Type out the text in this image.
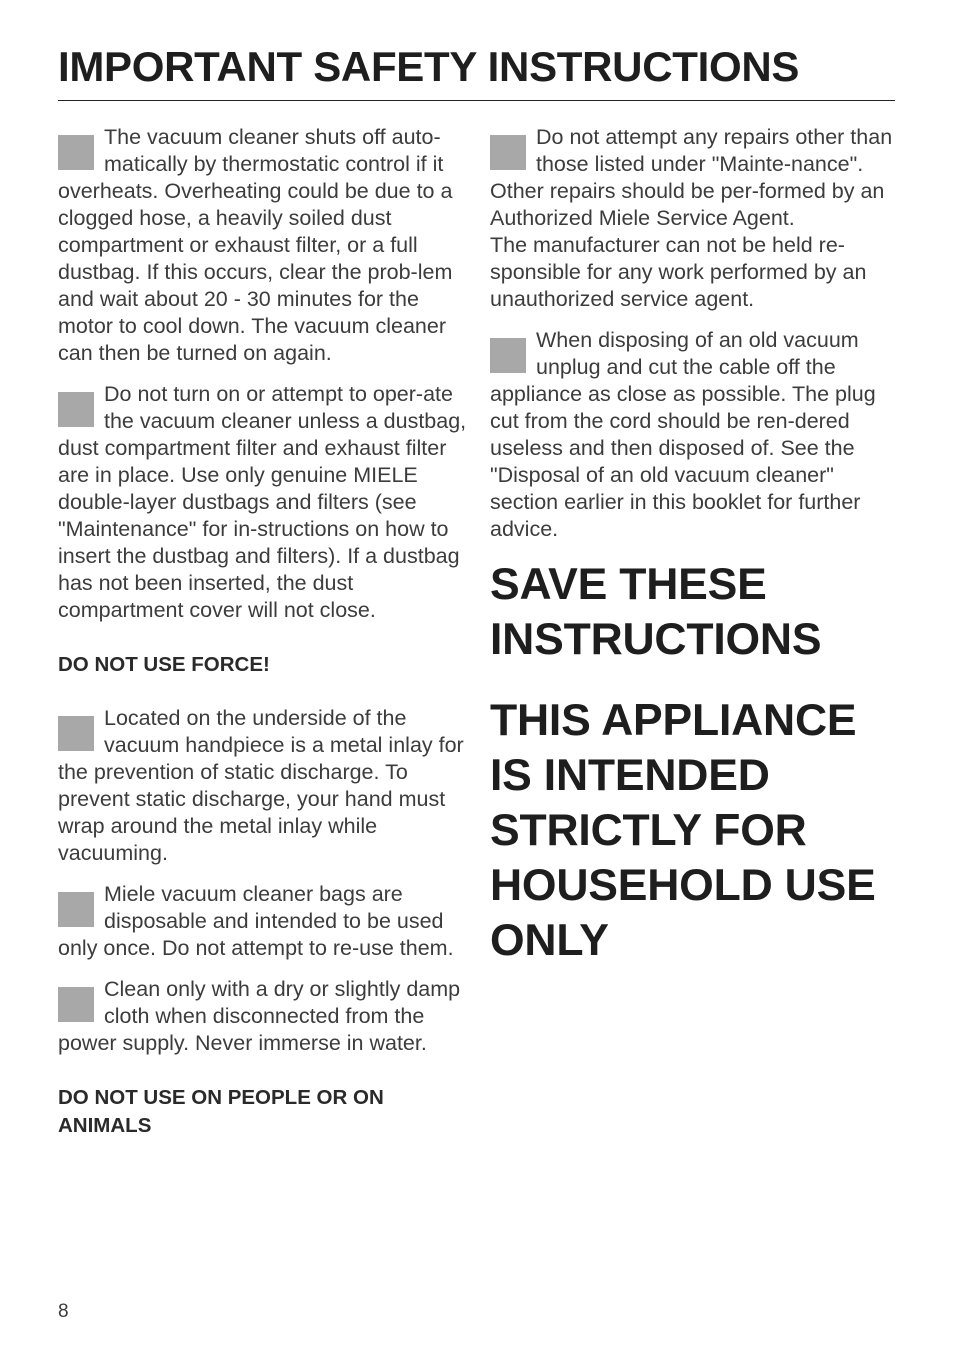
IMPORTANT SAFETY INSTRUCTIONS

The vacuum cleaner shuts off auto-matically by thermostatic control if it overheats. Overheating could be due to a clogged hose, a heavily soiled dust compartment or exhaust filter, or a full dustbag. If this occurs, clear the prob-lem and wait about 20 - 30 minutes for the motor to cool down. The vacuum cleaner can then be turned on again.

Do not turn on or attempt to oper-ate the vacuum cleaner unless a dustbag, dust compartment filter and exhaust filter are in place. Use only genuine MIELE double-layer dustbags and filters (see "Maintenance" for in-structions on how to insert the dustbag and filters). If a dustbag has not been inserted, the dust compartment cover will not close.

DO NOT USE FORCE!

Located on the underside of the vacuum handpiece is a metal inlay for the prevention of static discharge. To prevent static discharge, your hand must wrap around the metal inlay while vacuuming.

Miele vacuum cleaner bags are disposable and intended to be used only once. Do not attempt to re-use them.

Clean only with a dry or slightly damp cloth when disconnected from the power supply. Never immerse in water.

DO NOT USE ON PEOPLE OR ON ANIMALS
Do not attempt any repairs other than those listed under "Mainte-nance". Other repairs should be per-formed by an Authorized Miele Service Agent.
The manufacturer can not be held re-sponsible for any work performed by an unauthorized service agent.

When disposing of an old vacuum unplug and cut the cable off the appliance as close as possible. The plug cut from the cord should be ren-dered useless and then disposed of. See the "Disposal of an old vacuum cleaner" section earlier in this booklet for further advice.

SAVE THESE INSTRUCTIONS
THIS APPLIANCE IS INTENDED STRICTLY FOR HOUSEHOLD USE ONLY
8
